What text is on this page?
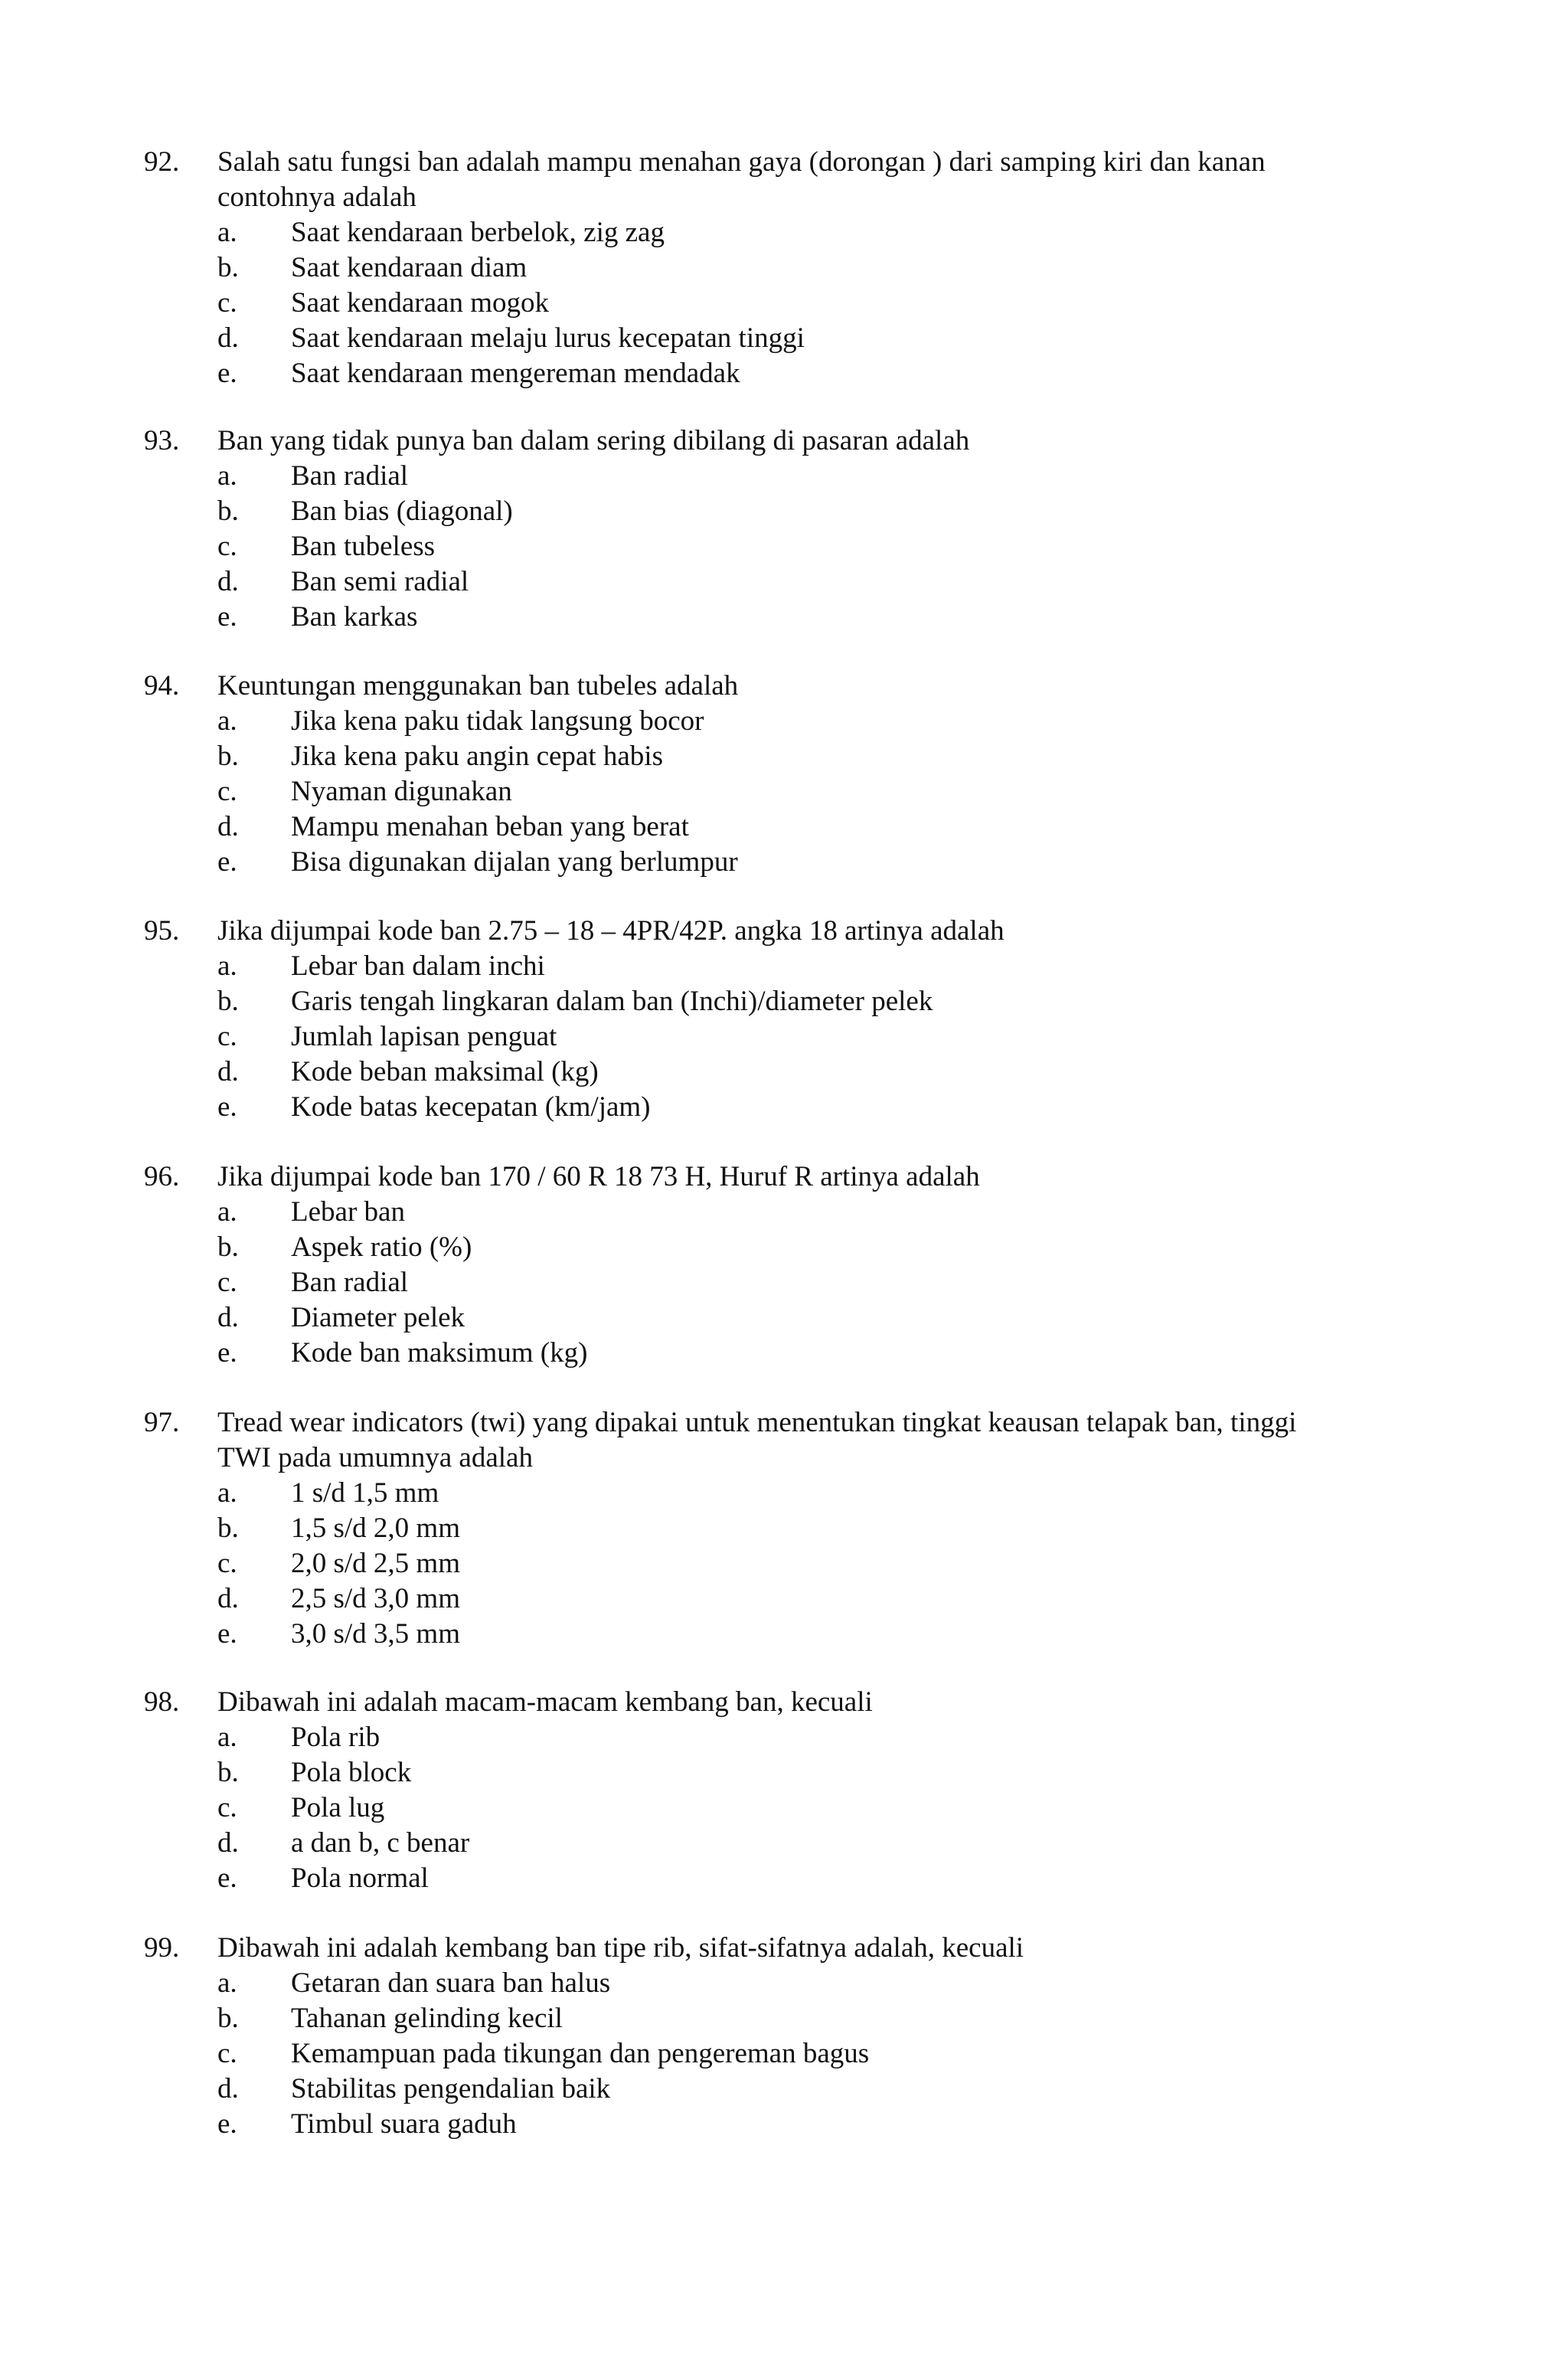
92. Salah satu fungsi ban adalah mampu menahan gaya (dorongan ) dari samping kiri dan kanan
contohnya adalah
a. Saat kendaraan berbelok, zig zag
b. Saat kendaraan diam
c. Saat kendaraan mogok
d. Saat kendaraan melaju lurus kecepatan tinggi
e. Saat kendaraan mengereman mendadak
93. Ban yang tidak punya ban dalam sering dibilang di pasaran adalah
a. Ban radial
b. Ban bias (diagonal)
c. Ban tubeless
d. Ban semi radial
e. Ban karkas
94. Keuntungan menggunakan ban tubeles adalah
a. Jika kena paku tidak langsung bocor
b. Jika kena paku angin cepat habis
c. Nyaman digunakan
d. Mampu menahan beban yang berat
e. Bisa digunakan dijalan yang berlumpur
95. Jika dijumpai kode ban 2.75 – 18 – 4PR/42P. angka 18 artinya adalah
a. Lebar ban dalam inchi
b. Garis tengah lingkaran dalam ban (Inchi)/diameter pelek
c. Jumlah lapisan penguat
d. Kode beban maksimal (kg)
e. Kode batas kecepatan (km/jam)
96. Jika dijumpai kode ban 170 / 60 R 18 73 H, Huruf R artinya adalah
a. Lebar ban
b. Aspek ratio (%)
c. Ban radial
d. Diameter pelek
e. Kode ban maksimum (kg)
97. Tread wear indicators (twi) yang dipakai untuk menentukan tingkat keausan telapak ban, tinggi
TWI pada umumnya adalah
a. 1 s/d 1,5 mm
b. 1,5 s/d 2,0 mm
c. 2,0 s/d 2,5 mm
d. 2,5 s/d 3,0 mm
e. 3,0 s/d 3,5 mm
98. Dibawah ini adalah macam-macam kembang ban, kecuali
a. Pola rib
b. Pola block
c. Pola lug
d. a dan b, c benar
e. Pola normal
99. Dibawah ini adalah kembang ban tipe rib, sifat-sifatnya adalah, kecuali
a. Getaran dan suara ban halus
b. Tahanan gelinding kecil
c. Kemampuan pada tikungan dan pengereman bagus
d. Stabilitas pengendalian baik
e. Timbul suara gaduh
